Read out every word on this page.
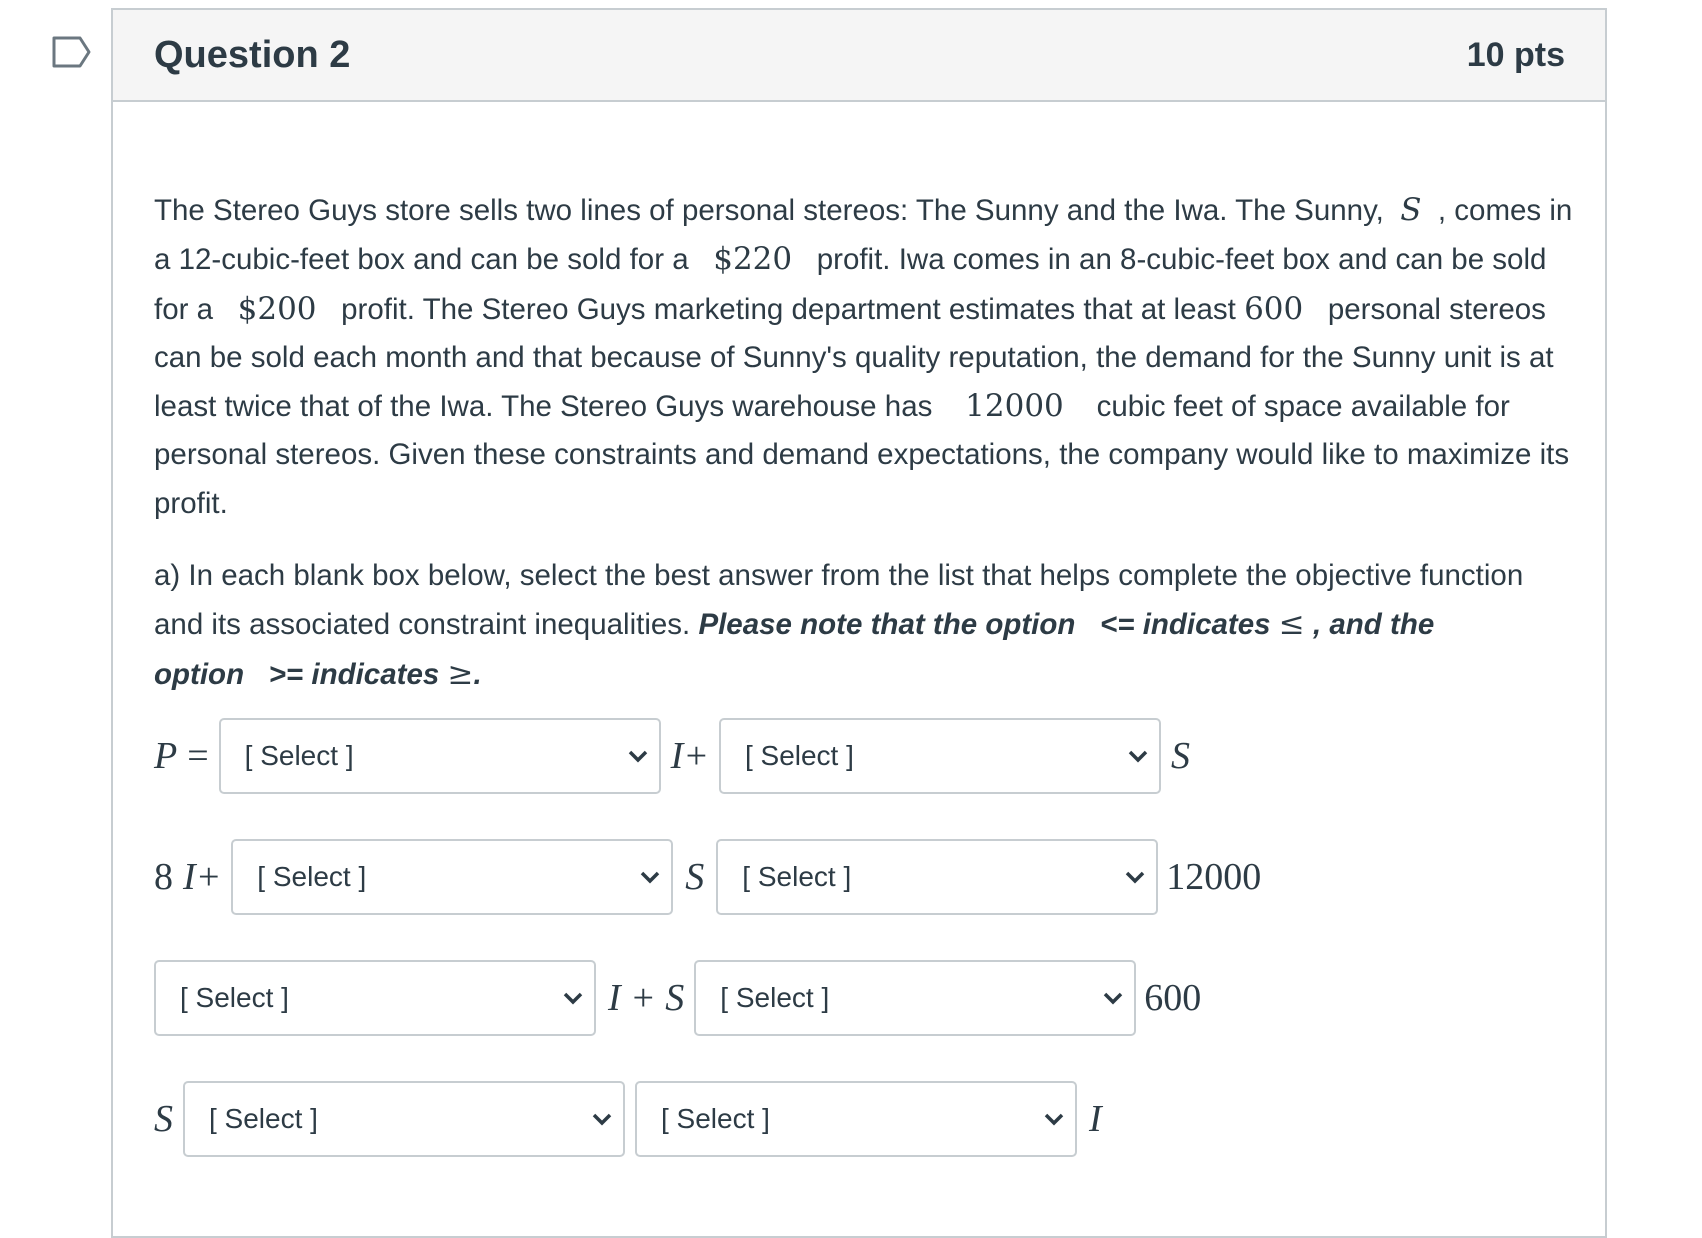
Question 2	10 pts

The Stereo Guys store sells two lines of personal stereos: The Sunny and the Iwa. The Sunny, S , comes in a 12-cubic-feet box and can be sold for a $220 profit. Iwa comes in an 8-cubic-feet box and can be sold for a $200 profit. The Stereo Guys marketing department estimates that at least 600 personal stereos can be sold each month and that because of Sunny's quality reputation, the demand for the Sunny unit is at least twice that of the Iwa. The Stereo Guys warehouse has 12000 cubic feet of space available for personal stereos. Given these constraints and demand expectations, the company would like to maximize its profit.

a) In each blank box below, select the best answer from the list that helps complete the objective function and its associated constraint inequalities. Please note that the option <= indicates ≤ , and the option >= indicates ≥.

P = [ Select ]	I+ [ Select ]	S
8 I+ [ Select ]	S [ Select ]	12000
[ Select ]	I + S [ Select ]	600
S [ Select ]	[ Select ]	I
